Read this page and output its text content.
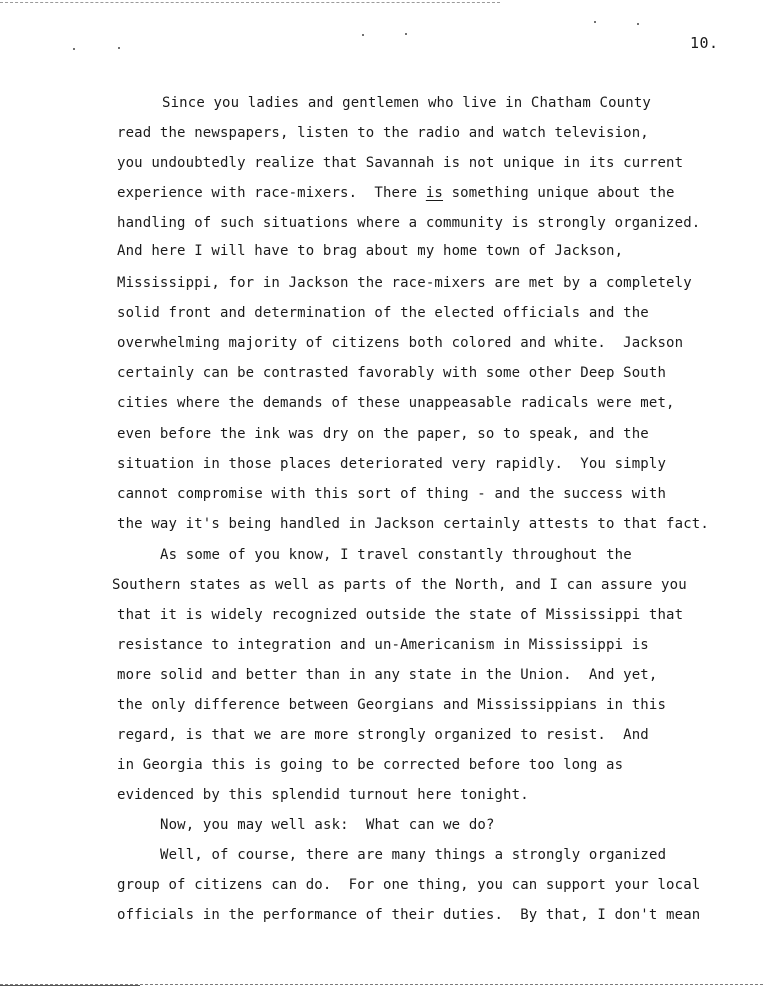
10.
Since you ladies and gentlemen who live in Chatham County
read the newspapers, listen to the radio and watch television,
you undoubtedly realize that Savannah is not unique in its current
experience with race-mixers.  There is something unique about the
handling of such situations where a community is strongly organized.
And here I will have to brag about my home town of Jackson,
Mississippi, for in Jackson the race-mixers are met by a completely
solid front and determination of the elected officials and the
overwhelming majority of citizens both colored and white.  Jackson
certainly can be contrasted favorably with some other Deep South
cities where the demands of these unappeasable radicals were met,
even before the ink was dry on the paper, so to speak, and the
situation in those places deteriorated very rapidly.  You simply
cannot compromise with this sort of thing - and the success with
the way it's being handled in Jackson certainly attests to that fact.
As some of you know, I travel constantly throughout the
Southern states as well as parts of the North, and I can assure you
that it is widely recognized outside the state of Mississippi that
resistance to integration and un-Americanism in Mississippi is
more solid and better than in any state in the Union.  And yet,
the only difference between Georgians and Mississippians in this
regard, is that we are more strongly organized to resist.  And
in Georgia this is going to be corrected before too long as
evidenced by this splendid turnout here tonight.
Now, you may well ask:  What can we do?
Well, of course, there are many things a strongly organized
group of citizens can do.  For one thing, you can support your local
officials in the performance of their duties.  By that, I don't mean
